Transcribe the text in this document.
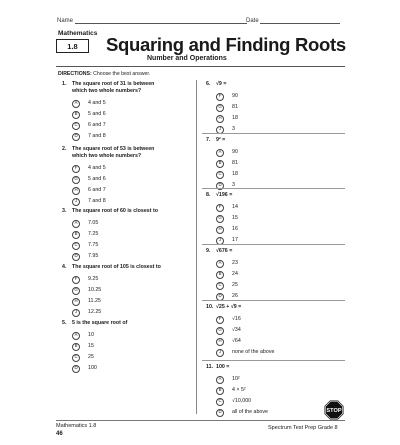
Name	Date
Mathematics
1.8	Squaring and Finding Roots
Number and Operations
DIRECTIONS: Choose the best answer.
1.	The square root of 31 is between which two whole numbers?
A	4 and 5
B	5 and 6
C	6 and 7
D	7 and 8
2.	The square root of 53 is between which two whole numbers?
F	4 and 5
G	5 and 6
H	6 and 7
J	7 and 8
3.	The square root of 60 is closest to
A	7.05
B	7.25
C	7.75
D	7.95
4.	The square root of 105 is closest to
F	9.25
G	10.25
H	11.25
J	12.25
5.	5 is the square root of
A	10
B	15
C	25
D	100
6.	√9 =
F	90
G	81
H	18
J	3
7.	9² =
A	90
B	81
C	18
D	3
8.	√196 =
F	14
G	15
H	16
J	17
9.	√676 =
A	23
B	24
C	25
D	26
10. √25 + √9 =
F	√16
G	√34
H	√64
J	none of the above
11. 100 =
A	10²
B	4 × 5²
C	√10,000
D	all of the above
Mathematics 1.8
46
Spectrum Test Prep Grade 8
STOP
